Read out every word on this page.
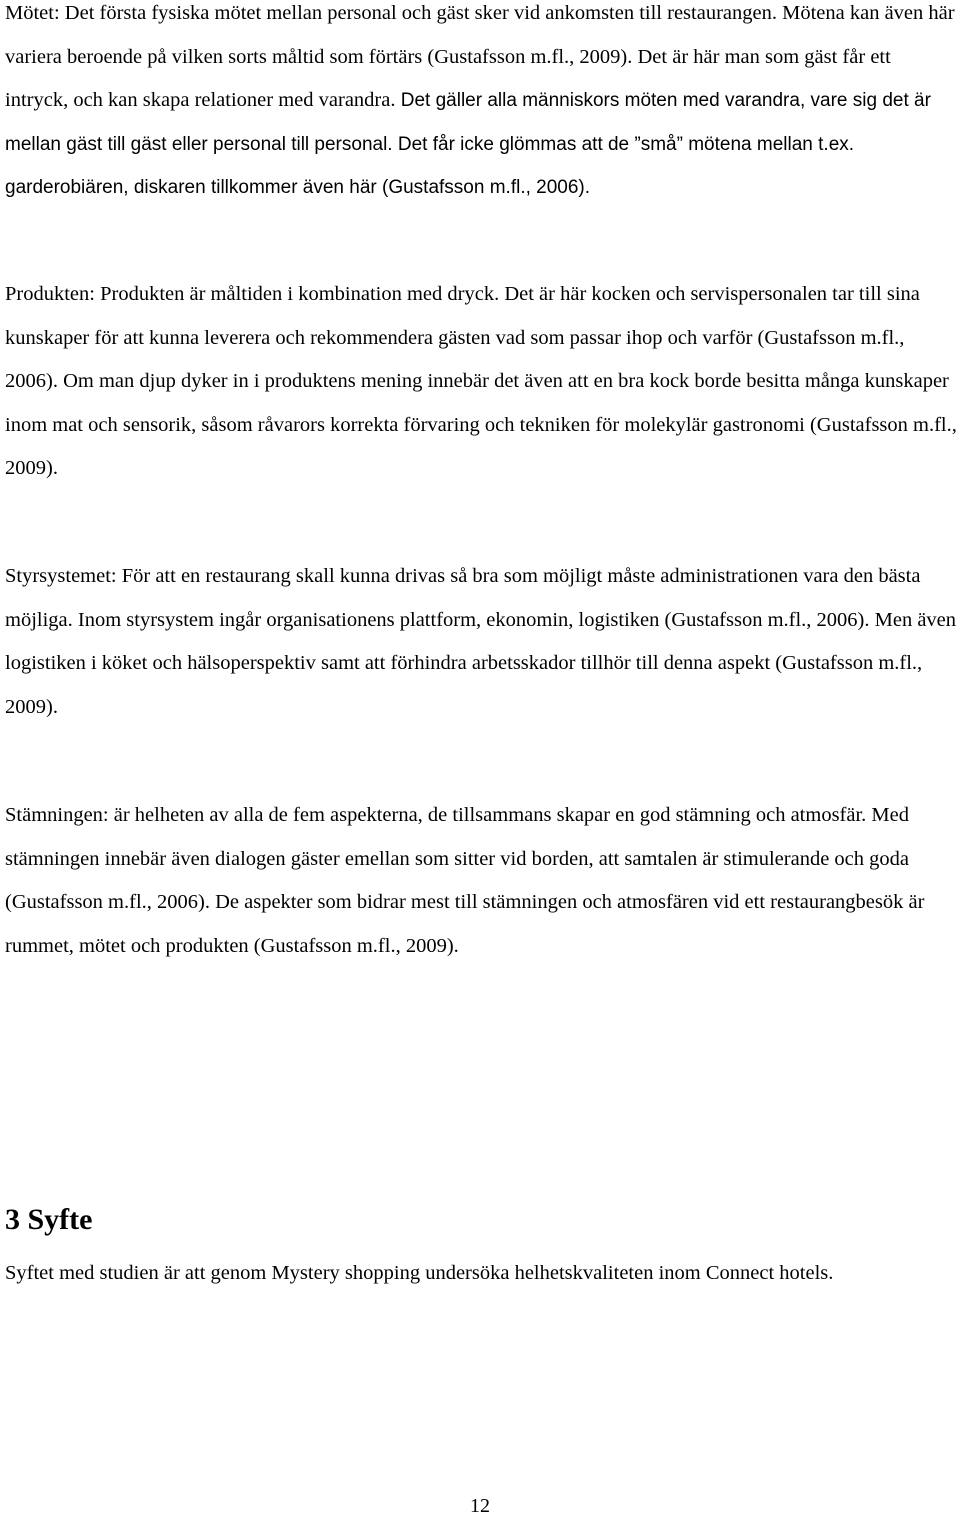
Mötet: Det första fysiska mötet mellan personal och gäst sker vid ankomsten till restaurangen. Mötena kan även här variera beroende på vilken sorts måltid som förtärs (Gustafsson m.fl., 2009). Det är här man som gäst får ett intryck, och kan skapa relationer med varandra. Det gäller alla människors möten med varandra, vare sig det är mellan gäst till gäst eller personal till personal. Det får icke glömmas att de ”små” mötena mellan t.ex. garderobiären, diskaren tillkommer även här (Gustafsson m.fl., 2006).

Produkten: Produkten är måltiden i kombination med dryck. Det är här kocken och servispersonalen tar till sina kunskaper för att kunna leverera och rekommendera gästen vad som passar ihop och varför (Gustafsson m.fl., 2006). Om man djup dyker in i produktens mening innebär det även att en bra kock borde besitta många kunskaper inom mat och sensorik, såsom råvarors korrekta förvaring och tekniken för molekylär gastronomi (Gustafsson m.fl., 2009).

Styrsystemet: För att en restaurang skall kunna drivas så bra som möjligt måste administrationen vara den bästa möjliga. Inom styrsystem ingår organisationens plattform, ekonomin, logistiken (Gustafsson m.fl., 2006). Men även logistiken i köket och hälsoperspektiv samt att förhindra arbetsskador tillhör till denna aspekt (Gustafsson m.fl., 2009).

Stämningen: är helheten av alla de fem aspekterna, de tillsammans skapar en god stämning och atmosfär. Med stämningen innebär även dialogen gäster emellan som sitter vid borden, att samtalen är stimulerande och goda (Gustafsson m.fl., 2006). De aspekter som bidrar mest till stämningen och atmosfären vid ett restaurangbesök är rummet, mötet och produkten (Gustafsson m.fl., 2009).

3 Syfte

Syftet med studien är att genom Mystery shopping undersöka helhetskvaliteten inom Connect hotels.

12
